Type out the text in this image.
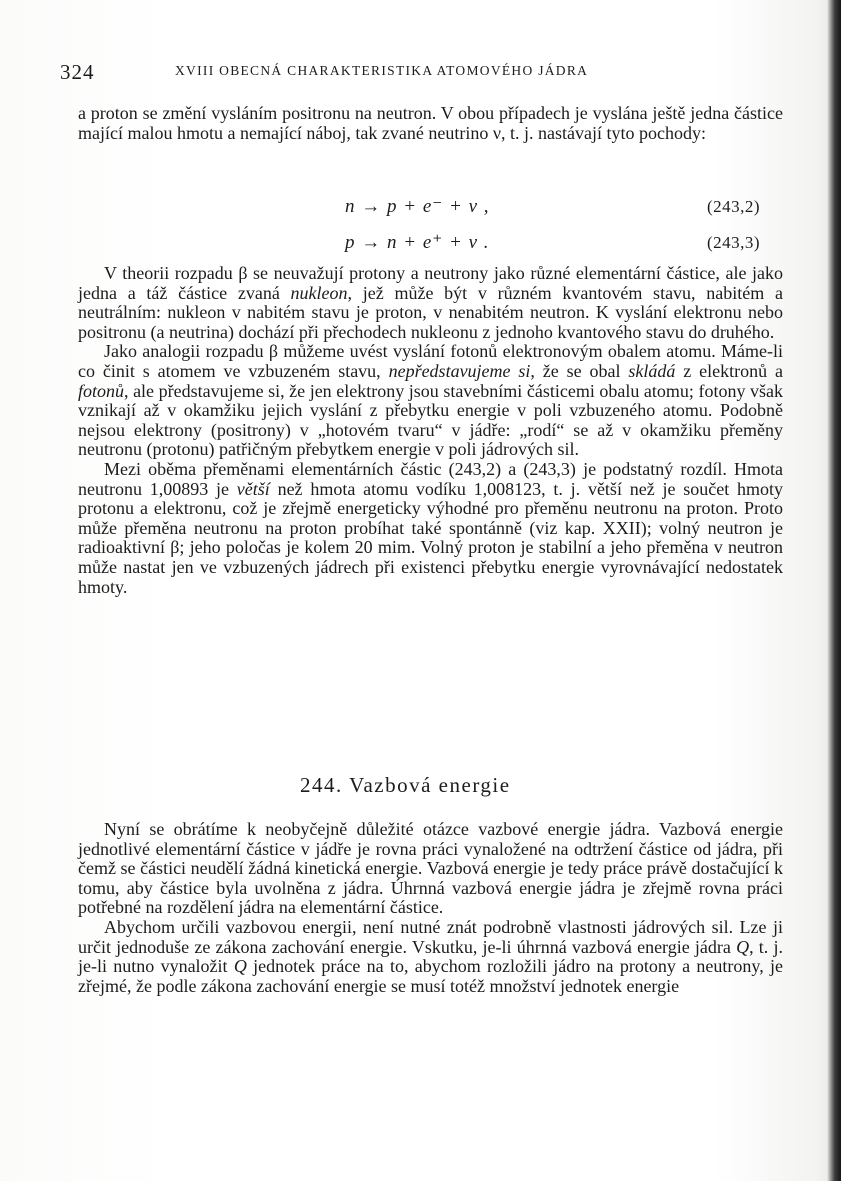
324	XVIII OBECNÁ CHARAKTERISTIKA ATOMOVÉHO JÁDRA

a proton se změní vysláním positronu na neutron. V obou případech je vyslána ještě jedna částice mající malou hmotu a nemající náboj, tak zvané neutrino ν, t. j. nastávají tyto pochody:

n → p + e⁻ + ν ,	(243,2)
p → n + e⁺ + ν .	(243,3)

V theorii rozpadu β se neuvažují protony a neutrony jako různé elementární částice, ale jako jedna a táž částice zvaná nukleon, jež může být v různém kvantovém stavu, nabitém a neutrálním: nukleon v nabitém stavu je proton, v nenabitém neutron. K vyslání elektronu nebo positronu (a neutrina) dochází při přechodech nukleonu z jednoho kvantového stavu do druhého.

Jako analogii rozpadu β můžeme uvést vyslání fotonů elektronovým obalem atomu. Máme-li co činit s atomem ve vzbuzeném stavu, nepředstavujeme si, že se obal skládá z elektronů a fotonů, ale představujeme si, že jen elektrony jsou stavebními částicemi obalu atomu; fotony však vznikají až v okamžiku jejich vyslání z přebytku energie v poli vzbuzeného atomu. Podobně nejsou elektrony (positrony) v „hotovém tvaru“ v jádře: „rodí“ se až v okamžiku přeměny neutronu (protonu) patřičným přebytkem energie v poli jádrových sil.

Mezi oběma přeměnami elementárních částic (243,2) a (243,3) je podstatný rozdíl. Hmota neutronu 1,00893 je větší než hmota atomu vodíku 1,008123, t. j. větší než je součet hmoty protonu a elektronu, což je zřejmě energeticky výhodné pro přeměnu neutronu na proton. Proto může přeměna neutronu na proton probíhat také spontánně (viz kap. XXII); volný neutron je radioaktivní β; jeho poločas je kolem 20 mim. Volný proton je stabilní a jeho přeměna v neutron může nastat jen ve vzbuzených jádrech při existenci přebytku energie vyrovnávající nedostatek hmoty.

244. Vazbová energie

Nyní se obrátíme k neobyčejně důležité otázce vazbové energie jádra. Vazbová energie jednotlivé elementární částice v jádře je rovna práci vynaložené na odtržení částice od jádra, při čemž se částici neudělí žádná kinetická energie. Vazbová energie je tedy práce právě dostačující k tomu, aby částice byla uvolněna z jádra. Úhrnná vazbová energie jádra je zřejmě rovna práci potřebné na rozdělení jádra na elementární částice.

Abychom určili vazbovou energii, není nutné znát podrobně vlastnosti jádrových sil. Lze ji určit jednoduše ze zákona zachování energie. Vskutku, je-li úhrnná vazbová energie jádra Q, t. j. je-li nutno vynaložit Q jednotek práce na to, abychom rozložili jádro na protony a neutrony, je zřejmé, že podle zákona zachování energie se musí totéž množství jednotek energie
